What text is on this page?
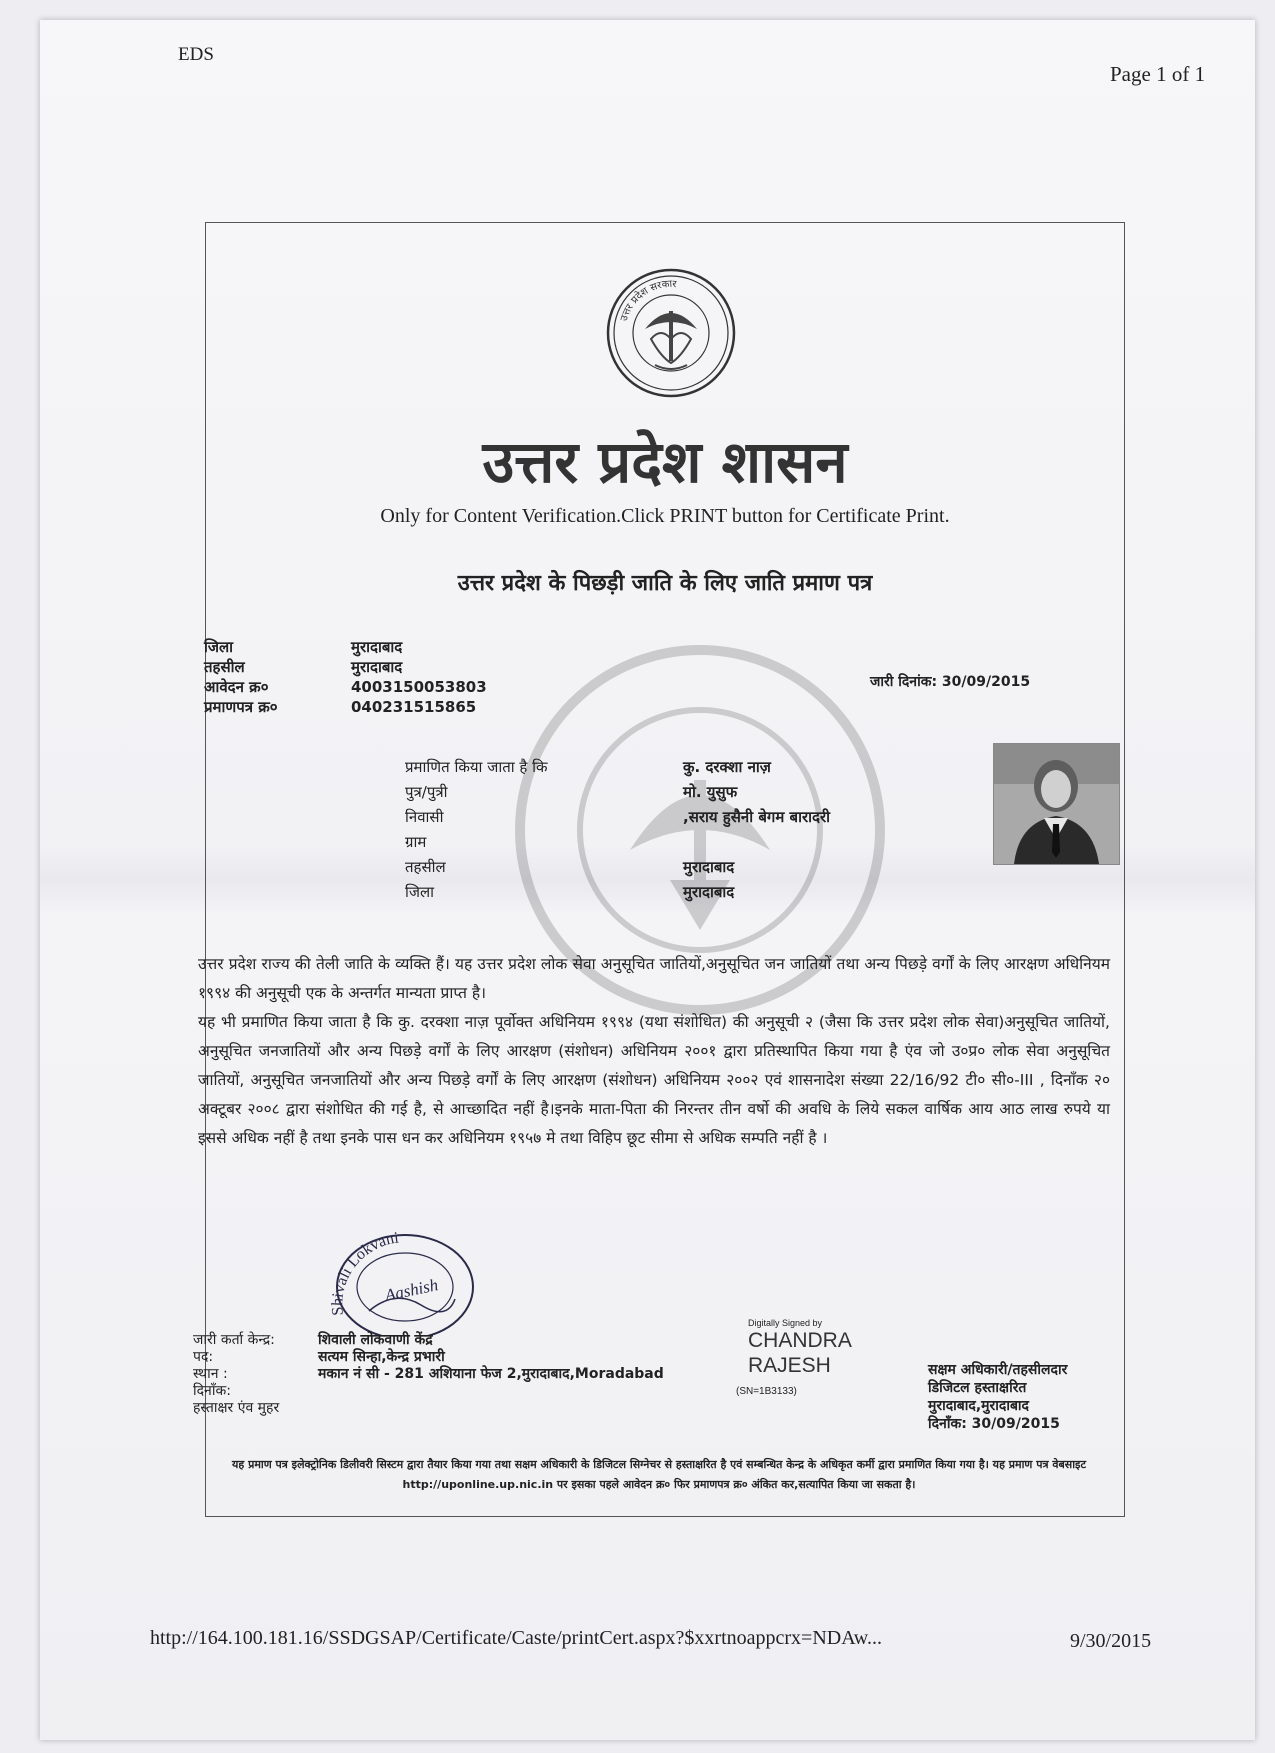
EDS
Page 1 of 1
उत्तर प्रदेश सरकार
उत्तर प्रदेश शासन
Only for Content Verification.Click PRINT button for Certificate Print.
उत्तर प्रदेश के पिछड़ी जाति के लिए जाति प्रमाण पत्र
जिला	मुरादाबाद
तहसील	मुरादाबाद
आवेदन क्र०	4003150053803
प्रमाणपत्र क्र०	040231515865
जारी दिनांक: 30/09/2015
प्रमाणित किया जाता है कि	कु. दरक्शा नाज़
पुत्र/पुत्री	मो. युसुफ
निवासी	,सराय हुसैनी बेगम बारादरी
ग्राम
तहसील	मुरादाबाद
जिला	मुरादाबाद
उत्तर प्रदेश राज्य की तेली जाति के व्यक्ति हैं। यह उत्तर प्रदेश लोक सेवा अनुसूचित जातियों,अनुसूचित जन जातियों तथा अन्य पिछड़े वर्गों के लिए आरक्षण अधिनियम १९९४ की अनुसूची एक के अन्तर्गत मान्यता प्राप्त है।
यह भी प्रमाणित किया जाता है कि कु. दरक्शा नाज़ पूर्वोक्त अधिनियम १९९४ (यथा संशोधित) की अनुसूची २ (जैसा कि उत्तर प्रदेश लोक सेवा)अनुसूचित जातियों, अनुसूचित जनजातियों और अन्य पिछड़े वर्गों के लिए आरक्षण (संशोधन) अधिनियम २००१ द्वारा प्रतिस्थापित किया गया है एंव जो उ०प्र० लोक सेवा अनुसूचित जातियों, अनुसूचित जनजातियों और अन्य पिछड़े वर्गों के लिए आरक्षण (संशोधन) अधिनियम २००२ एवं शासनादेश संख्या 22/16/92 टी० सी०-III , दिनाँक २० अक्टूबर २००८ द्वारा संशोधित की गई है, से आच्छादित नहीं है।इनके माता-पिता की निरन्तर तीन वर्षो की अवधि के लिये सकल वार्षिक आय आठ लाख रुपये या इससे अधिक नहीं है तथा इनके पास धन कर अधिनियम १९५७ मे तथा विहिप छूट सीमा से अधिक सम्पति नहीं है ।
Shivali Lokvani
Aashish
जारी कर्ता केन्द्र:	शिवाली लोकवाणी केंद्र
पद:	सत्यम सिन्हा,केन्द्र प्रभारी
स्थान :	मकान नं सी - 281 अशियाना फेज 2,मुरादाबाद,Moradabad
दिनाँक:
हस्ताक्षर एंव मुहर
Digitally Signed by
CHANDRA
RAJESH
(SN=1B3133)
सक्षम अधिकारी/तहसीलदार
डिजिटल हस्ताक्षरित
मुरादाबाद,मुरादाबाद
दिनाँक: 30/09/2015
यह प्रमाण पत्र इलेक्ट्रोनिक डिलीवरी सिस्टम द्वारा तैयार किया गया तथा सक्षम अधिकारी के डिजिटल सिग्नेचर से हस्ताक्षरित है एवं सम्बन्धित केन्द्र के अधिकृत कर्मी द्वारा प्रमाणित किया गया है। यह प्रमाण पत्र वेबसाइट http://uponline.up.nic.in पर इसका पहले आवेदन क्र० फिर प्रमाणपत्र क्र० अंकित कर,सत्यापित किया जा सकता है।
http://164.100.181.16/SSDGSAP/Certificate/Caste/printCert.aspx?$xxrtnoappcrx=NDAw...	9/30/2015
